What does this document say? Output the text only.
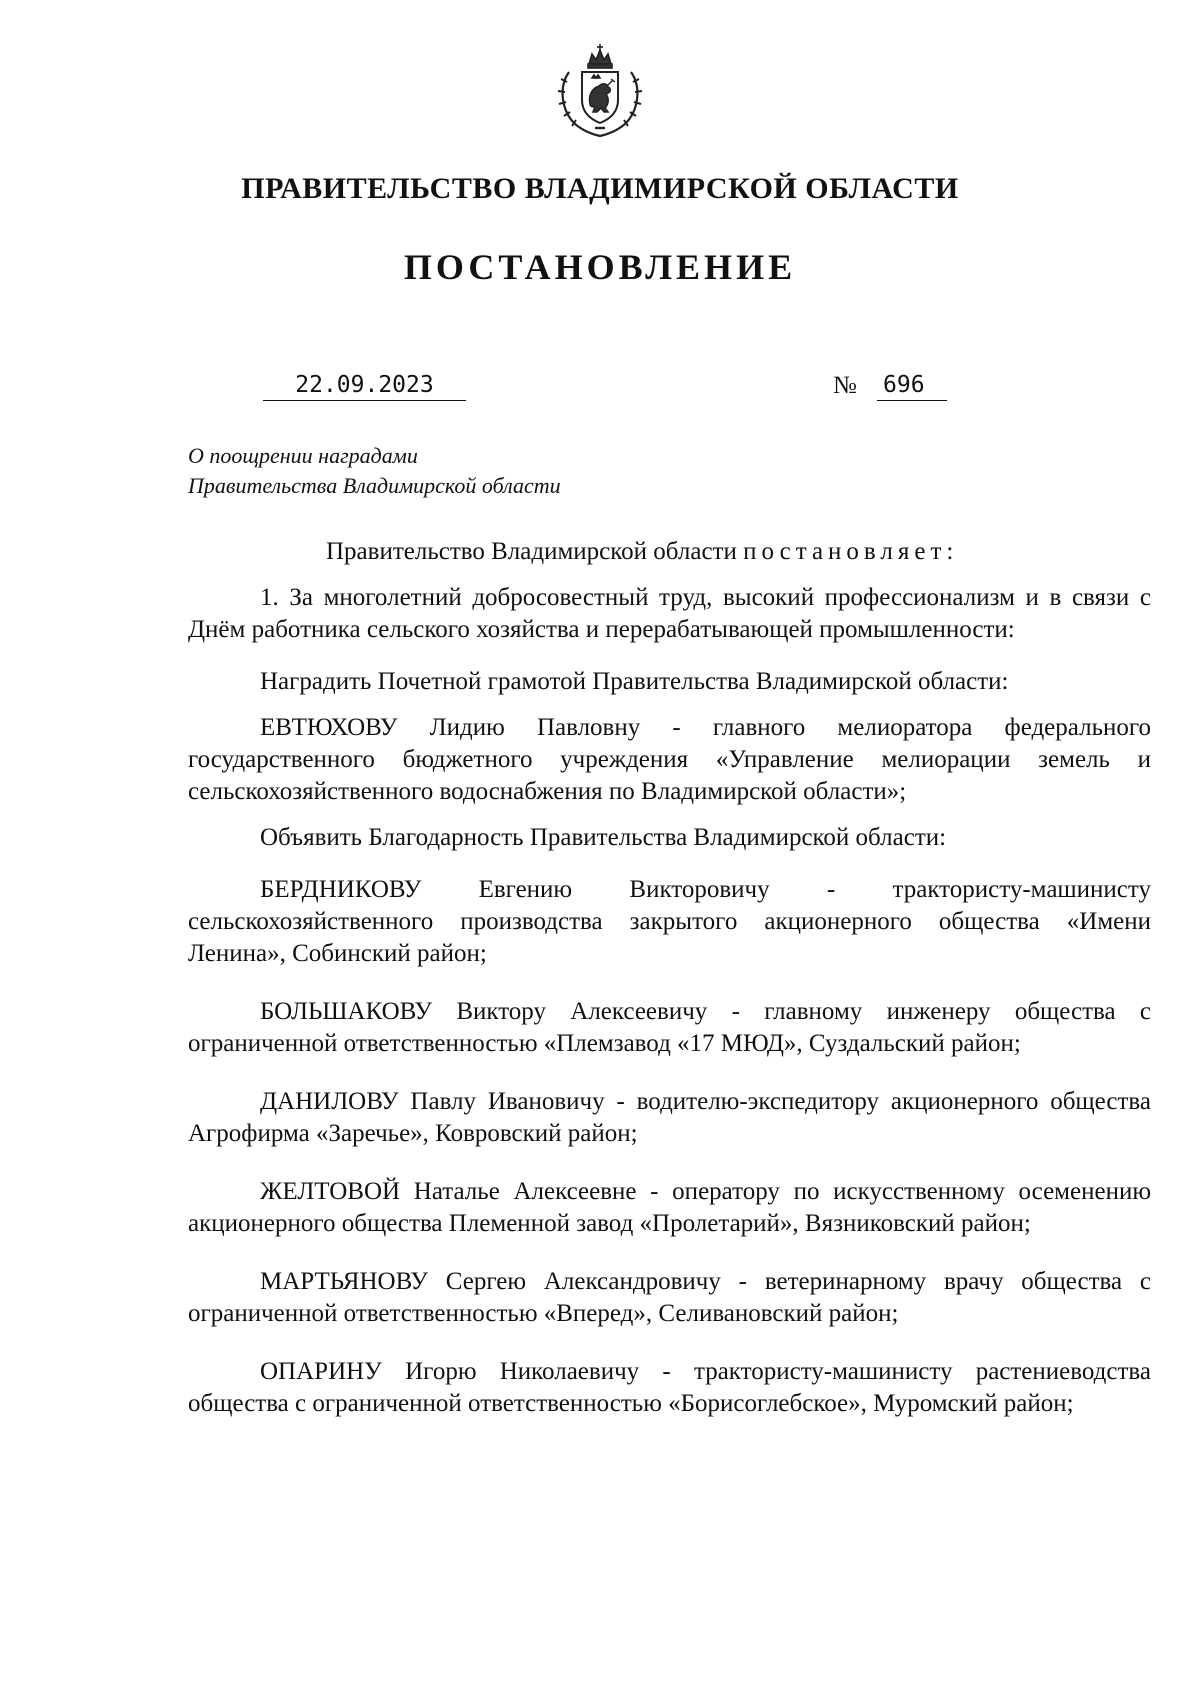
ПРАВИТЕЛЬСТВО ВЛАДИМИРСКОЙ ОБЛАСТИ
ПОСТАНОВЛЕНИЕ
22.09.2023	№ 696
О поощрении наградами
Правительства Владимирской области

Правительство Владимирской области постановляет:

1. За многолетний добросовестный труд, высокий профессионализм и в связи с Днём работника сельского хозяйства и перерабатывающей промышленности:

Наградить Почетной грамотой Правительства Владимирской области:

ЕВТЮХОВУ Лидию Павловну - главного мелиоратора федерального государственного бюджетного учреждения «Управление мелиорации земель и сельскохозяйственного водоснабжения по Владимирской области»;

Объявить Благодарность Правительства Владимирской области:

БЕРДНИКОВУ Евгению Викторовичу - трактористу-машинисту сельскохозяйственного производства закрытого акционерного общества «Имени Ленина», Собинский район;

БОЛЬШАКОВУ Виктору Алексеевичу - главному инженеру общества с ограниченной ответственностью «Племзавод «17 МЮД», Суздальский район;

ДАНИЛОВУ Павлу Ивановичу - водителю-экспедитору акционерного общества Агрофирма «Заречье», Ковровский район;

ЖЕЛТОВОЙ Наталье Алексеевне - оператору по искусственному осеменению акционерного общества Племенной завод «Пролетарий», Вязниковский район;

МАРТЬЯНОВУ Сергею Александровичу - ветеринарному врачу общества с ограниченной ответственностью «Вперед», Селивановский район;

ОПАРИНУ Игорю Николаевичу - трактористу-машинисту растениеводства общества с ограниченной ответственностью «Борисоглебское», Муромский район;
